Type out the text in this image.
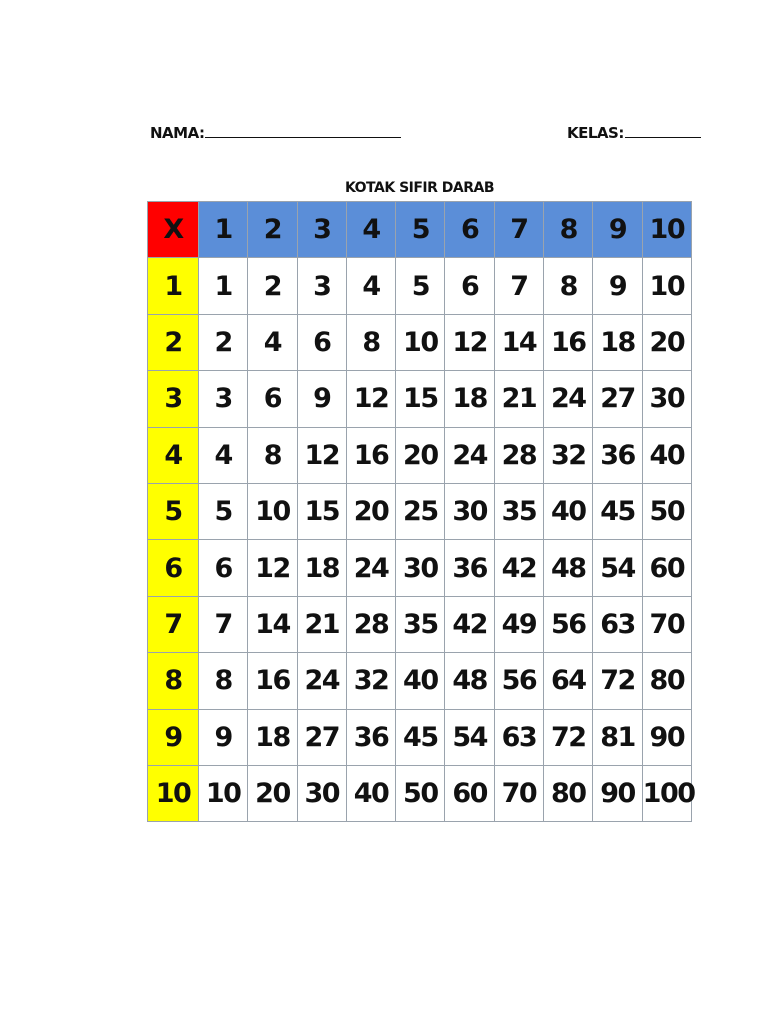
NAMA:	KELAS:
KOTAK SIFIR DARAB
X	1	2	3	4	5	6	7	8	9	10
1	1	2	3	4	5	6	7	8	9	10
2	2	4	6	8	10	12	14	16	18	20
3	3	6	9	12	15	18	21	24	27	30
4	4	8	12	16	20	24	28	32	36	40
5	5	10	15	20	25	30	35	40	45	50
6	6	12	18	24	30	36	42	48	54	60
7	7	14	21	28	35	42	49	56	63	70
8	8	16	24	32	40	48	56	64	72	80
9	9	18	27	36	45	54	63	72	81	90
10	10	20	30	40	50	60	70	80	90	100
